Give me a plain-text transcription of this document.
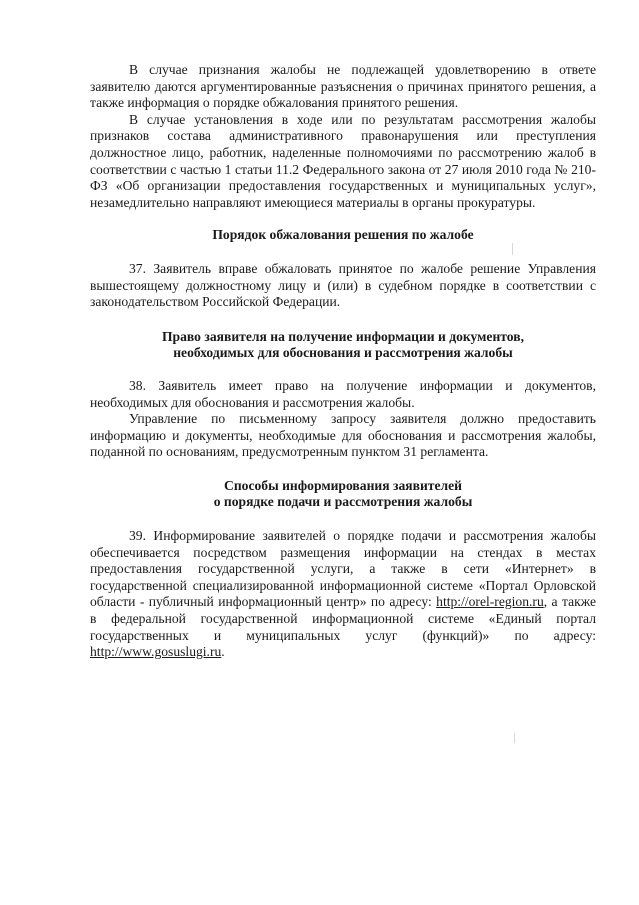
В случае признания жалобы не подлежащей удовлетворению в ответе заявителю даются аргументированные разъяснения о причинах принятого решения, а также информация о порядке обжалования принятого решения.

В случае установления в ходе или по результатам рассмотрения жалобы признаков состава административного правонарушения или преступления должностное лицо, работник, наделенные полномочиями по рассмотрению жалоб в соответствии с частью 1 статьи 11.2 Федерального закона от 27 июля 2010 года № 210-ФЗ «Об организации предоставления государственных и муниципальных услуг», незамедлительно направляют имеющиеся материалы в органы прокуратуры.

Порядок обжалования решения по жалобе

37. Заявитель вправе обжаловать принятое по жалобе решение Управления вышестоящему должностному лицу и (или) в судебном порядке в соответствии с законодательством Российской Федерации.

Право заявителя на получение информации и документов,
необходимых для обоснования и рассмотрения жалобы

38. Заявитель имеет право на получение информации и документов, необходимых для обоснования и рассмотрения жалобы.

Управление по письменному запросу заявителя должно предоставить информацию и документы, необходимые для обоснования и рассмотрения жалобы, поданной по основаниям, предусмотренным пунктом 31 регламента.

Способы информирования заявителей
о порядке подачи и рассмотрения жалобы

39. Информирование заявителей о порядке подачи и рассмотрения жалобы обеспечивается посредством размещения информации на стендах в местах предоставления государственной услуги, а также в сети «Интернет» в государственной специализированной информационной системе «Портал Орловской области - публичный информационный центр» по адресу: http://orel-region.ru, а также в федеральной государственной информационной системе «Единый портал государственных и муниципальных услуг (функций)» по адресу: http://www.gosuslugi.ru.
